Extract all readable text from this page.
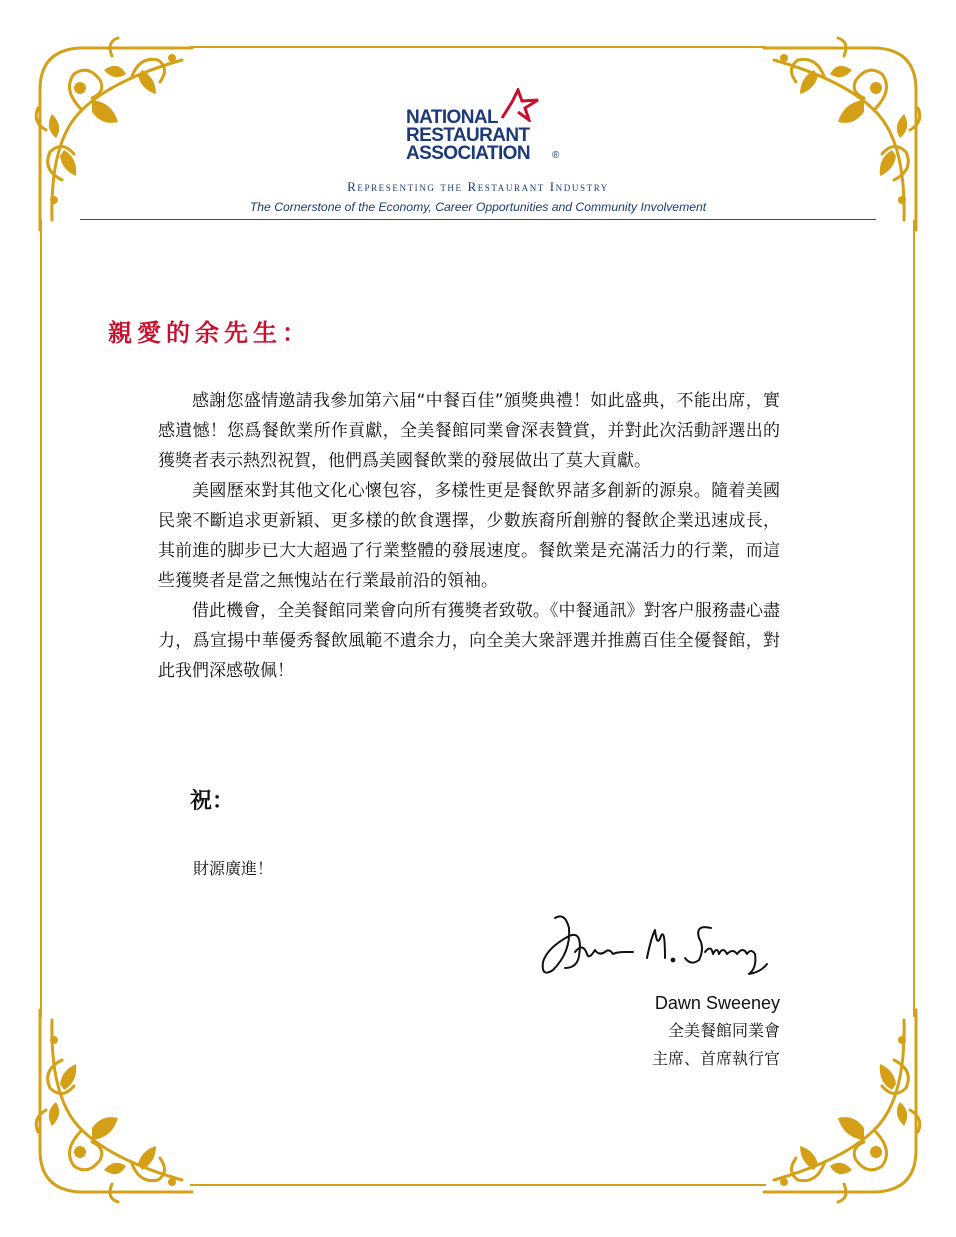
NATIONAL
RESTAURANT
ASSOCIATION ®
Representing the Restaurant Industry
The Cornerstone of the Economy, Career Opportunities and Community Involvement
親愛的余先生：

感謝您盛情邀請我參加第六届“中餐百佳”頒獎典禮！如此盛典，不能出席，實感遺憾！您爲餐飲業所作貢獻，全美餐館同業會深表贊賞，并對此次活動評選出的獲獎者表示熱烈祝賀，他們爲美國餐飲業的發展做出了莫大貢獻。

美國歷來對其他文化心懷包容，多樣性更是餐飲界諸多創新的源泉。隨着美國民衆不斷追求更新穎、更多樣的飲食選擇，少數族裔所創辦的餐飲企業迅速成長，其前進的脚步已大大超過了行業整體的發展速度。餐飲業是充滿活力的行業，而這些獲獎者是當之無愧站在行業最前沿的領袖。

借此機會，全美餐館同業會向所有獲獎者致敬。《中餐通訊》對客户服務盡心盡力，爲宣揚中華優秀餐飲風範不遺余力，向全美大衆評選并推薦百佳全優餐館，對此我們深感敬佩！

祝：
財源廣進！
Dawn Sweeney
全美餐館同業會
主席、首席執行官
